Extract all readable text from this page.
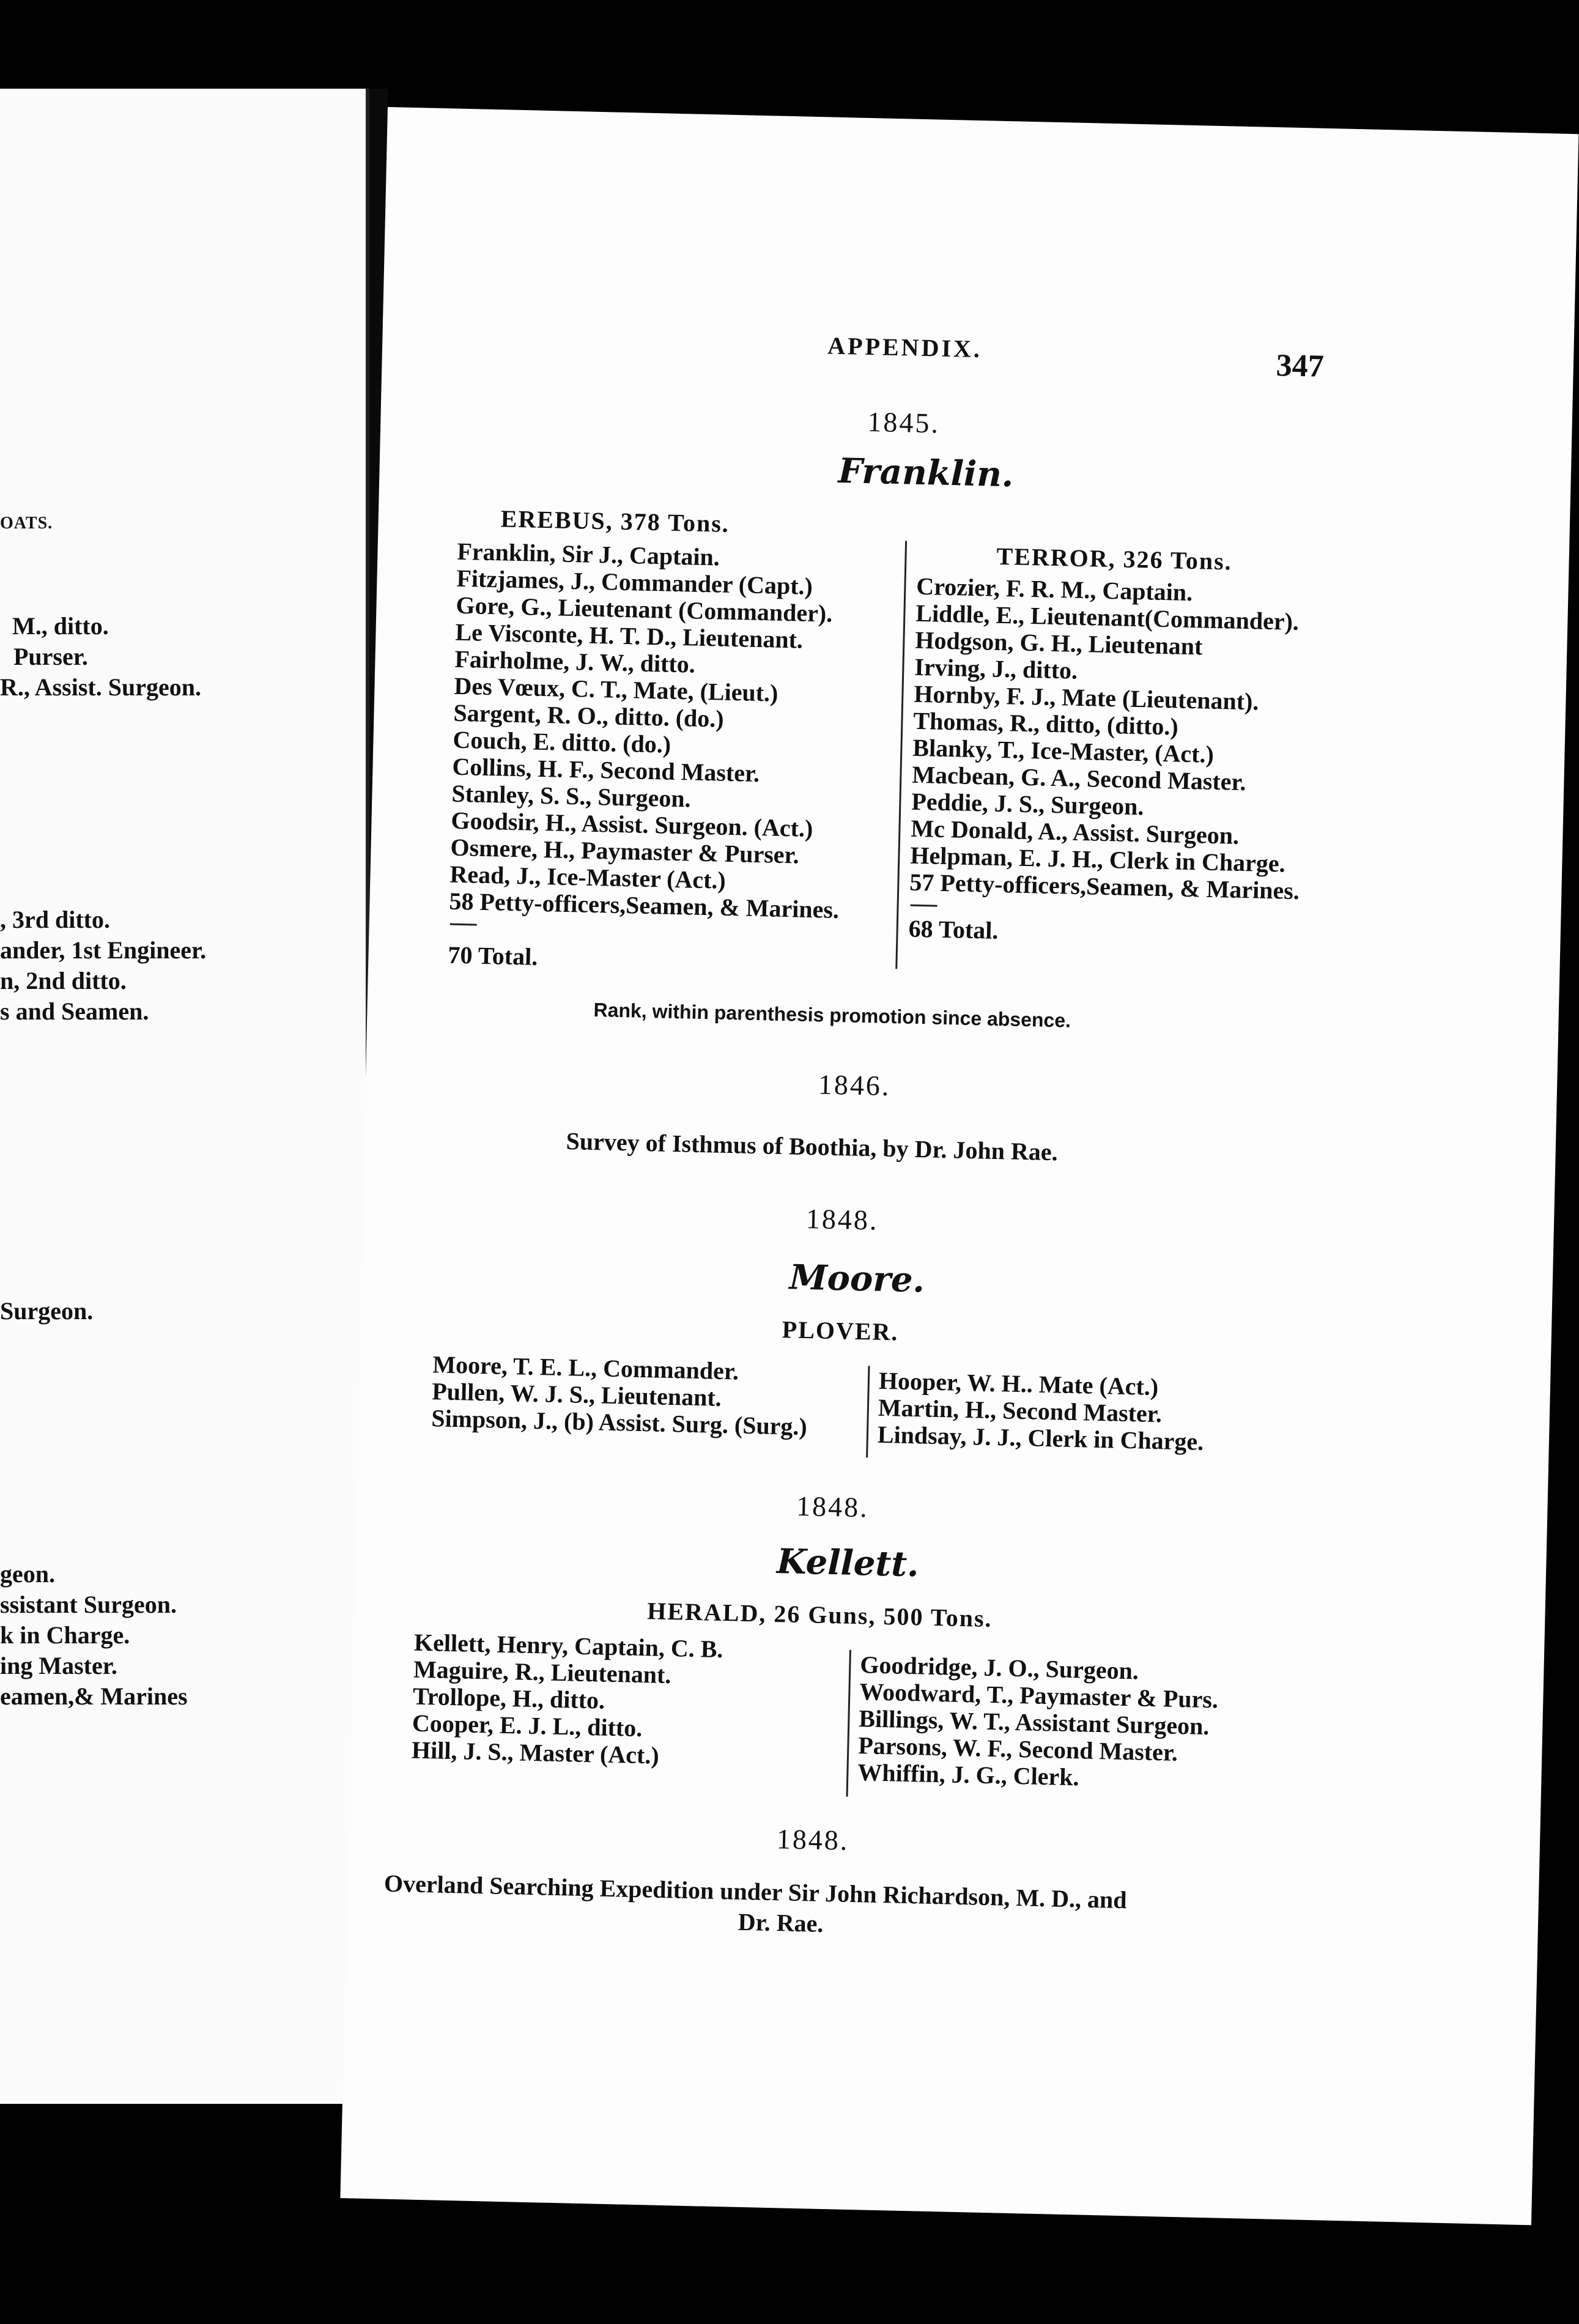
OATS.
M., ditto.
Purser.
R., Assist. Surgeon.
, 3rd ditto.
ander, 1st Engineer.
n, 2nd ditto.
s and Seamen.
Surgeon.
geon.
ssistant Surgeon.
k in Charge.
ing Master.
eamen,& Marines
APPENDIX.
347
1845.
Franklin.
EREBUS, 378 Tons.
TERROR, 326 Tons.
Franklin, Sir J., Captain.
Fitzjames, J., Commander (Capt.)
Gore, G., Lieutenant (Commander).
Le Visconte, H. T. D., Lieutenant.
Fairholme, J. W., ditto.
Des Vœux, C. T., Mate, (Lieut.)
Sargent, R. O., ditto. (do.)
Couch, E. ditto. (do.)
Collins, H. F., Second Master.
Stanley, S. S., Surgeon.
Goodsir, H., Assist. Surgeon. (Act.)
Osmere, H., Paymaster & Purser.
Read, J., Ice-Master (Act.)
58 Petty-officers,Seamen, & Marines.
70 Total.
Crozier, F. R. M., Captain.
Liddle, E., Lieutenant(Commander).
Hodgson, G. H., Lieutenant
Irving, J., ditto.
Hornby, F. J., Mate (Lieutenant).
Thomas, R., ditto, (ditto.)
Blanky, T., Ice-Master, (Act.)
Macbean, G. A., Second Master.
Peddie, J. S., Surgeon.
Mc Donald, A., Assist. Surgeon.
Helpman, E. J. H., Clerk in Charge.
57 Petty-officers,Seamen, & Marines.
68 Total.
Rank, within parenthesis promotion since absence.
1846.
Survey of Isthmus of Boothia, by Dr. John Rae.
1848.
Moore.
PLOVER.
Moore, T. E. L., Commander.
Pullen, W. J. S., Lieutenant.
Simpson, J., (b) Assist. Surg. (Surg.)
Hooper, W. H.. Mate (Act.)
Martin, H., Second Master.
Lindsay, J. J., Clerk in Charge.
1848.
Kellett.
HERALD, 26 Guns, 500 Tons.
Kellett, Henry, Captain, C. B.
Maguire, R., Lieutenant.
Trollope, H., ditto.
Cooper, E. J. L., ditto.
Hill, J. S., Master (Act.)
Goodridge, J. O., Surgeon.
Woodward, T., Paymaster & Purs.
Billings, W. T., Assistant Surgeon.
Parsons, W. F., Second Master.
Whiffin, J. G., Clerk.
1848.
Overland Searching Expedition under Sir John Richardson, M. D., and
Dr. Rae.
